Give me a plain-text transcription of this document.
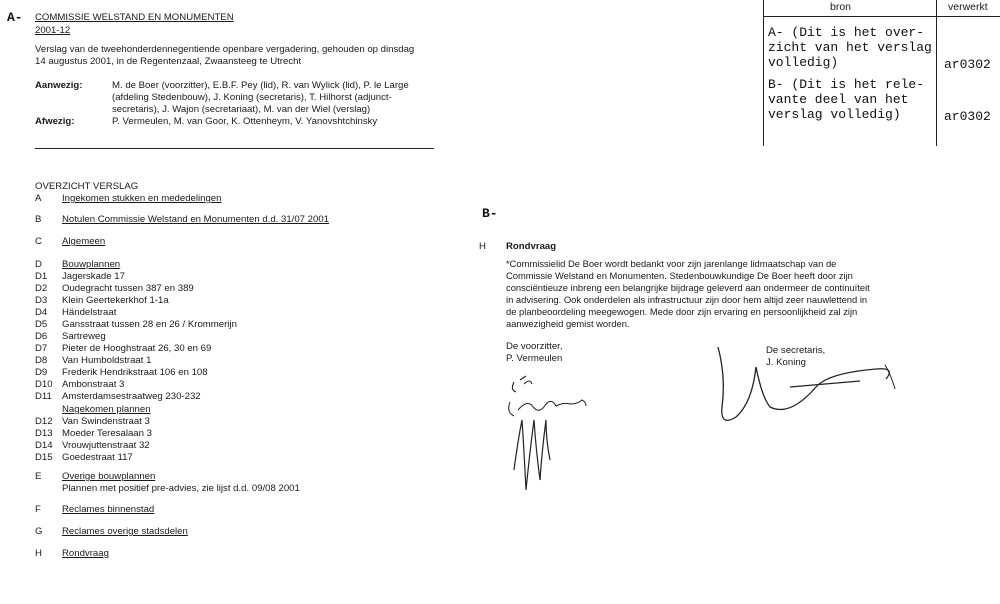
A- COMMISSIE WELSTAND EN MONUMENTEN
2001-12
Verslag van de tweehonderdennegentiende openbare vergadering, gehouden op dinsdag
14 augustus 2001, in de Regentenzaal, Zwaansteeg te Utrecht
Aanwezig:	M. de Boer (voorzitter), E.B.F. Pey (lid), R. van Wylick (lid), P. le Large
(afdeling Stedenbouw), J. Koning (secretaris), T. Hilhorst (adjunct-
secretaris), J. Wajon (secretariaat), M. van der Wiel (verslag)
Afwezig:	P. Vermeulen, M. van Goor, K. Ottenheym, V. Yanovshtchinsky
OVERZICHT VERSLAG
A Ingekomen stukken en mededelingen
B Notulen Commissie Welstand en Monumenten d.d. 31/07 2001
C Algemeen
D Bouwplannen
D1 Jagerskade 17
D2 Oudegracht tussen 387 en 389
D3 Klein Geertekerkhof 1-1a
D4 Händelstraat
D5 Gansstraat tussen 28 en 26 / Krommerijn
D6 Sartreweg
D7 Pieter de Hooghstraat 26, 30 en 69
D8 Van Humboldstraat 1
D9 Frederik Hendrikstraat 106 en 108
D10 Ambonstraat 3
D11 Amsterdamsestraatweg 230-232
Nagekomen plannen
D12 Van Swindenstraat 3
D13 Moeder Teresalaan 3
D14 Vrouwjuttenstraat 32
D15 Goedestraat 117
E Overige bouwplannen
Plannen met positief pre-advies, zie lijst d.d. 09/08 2001
F Reclames binnenstad
G Reclames overige stadsdelen
H Rondvraag
bron	verwerkt
A- (Dit is het over-
zicht van het verslag
volledig)	ar0302
B- (Dit is het rele-
vante deel van het
verslag volledig)	ar0302
B-
H Rondvraag
*Commissielid De Boer wordt bedankt voor zijn jarenlange lidmaatschap van de
Commissie Welstand en Monumenten. Stedenbouwkundige De Boer heeft door zijn
consciëntieuze inbreng een belangrijke bijdrage geleverd aan ondermeer de continuïteit
in advisering. Ook onderdelen als infrastructuur zijn door hem altijd zeer nauwlettend in
de planbeoordeling meegewogen. Mede door zijn ervaring en persoonlijkheid zal zijn
aanwezigheid gemist worden.
De voorzitter,
P. Vermeulen
De secretaris,
J. Koning
